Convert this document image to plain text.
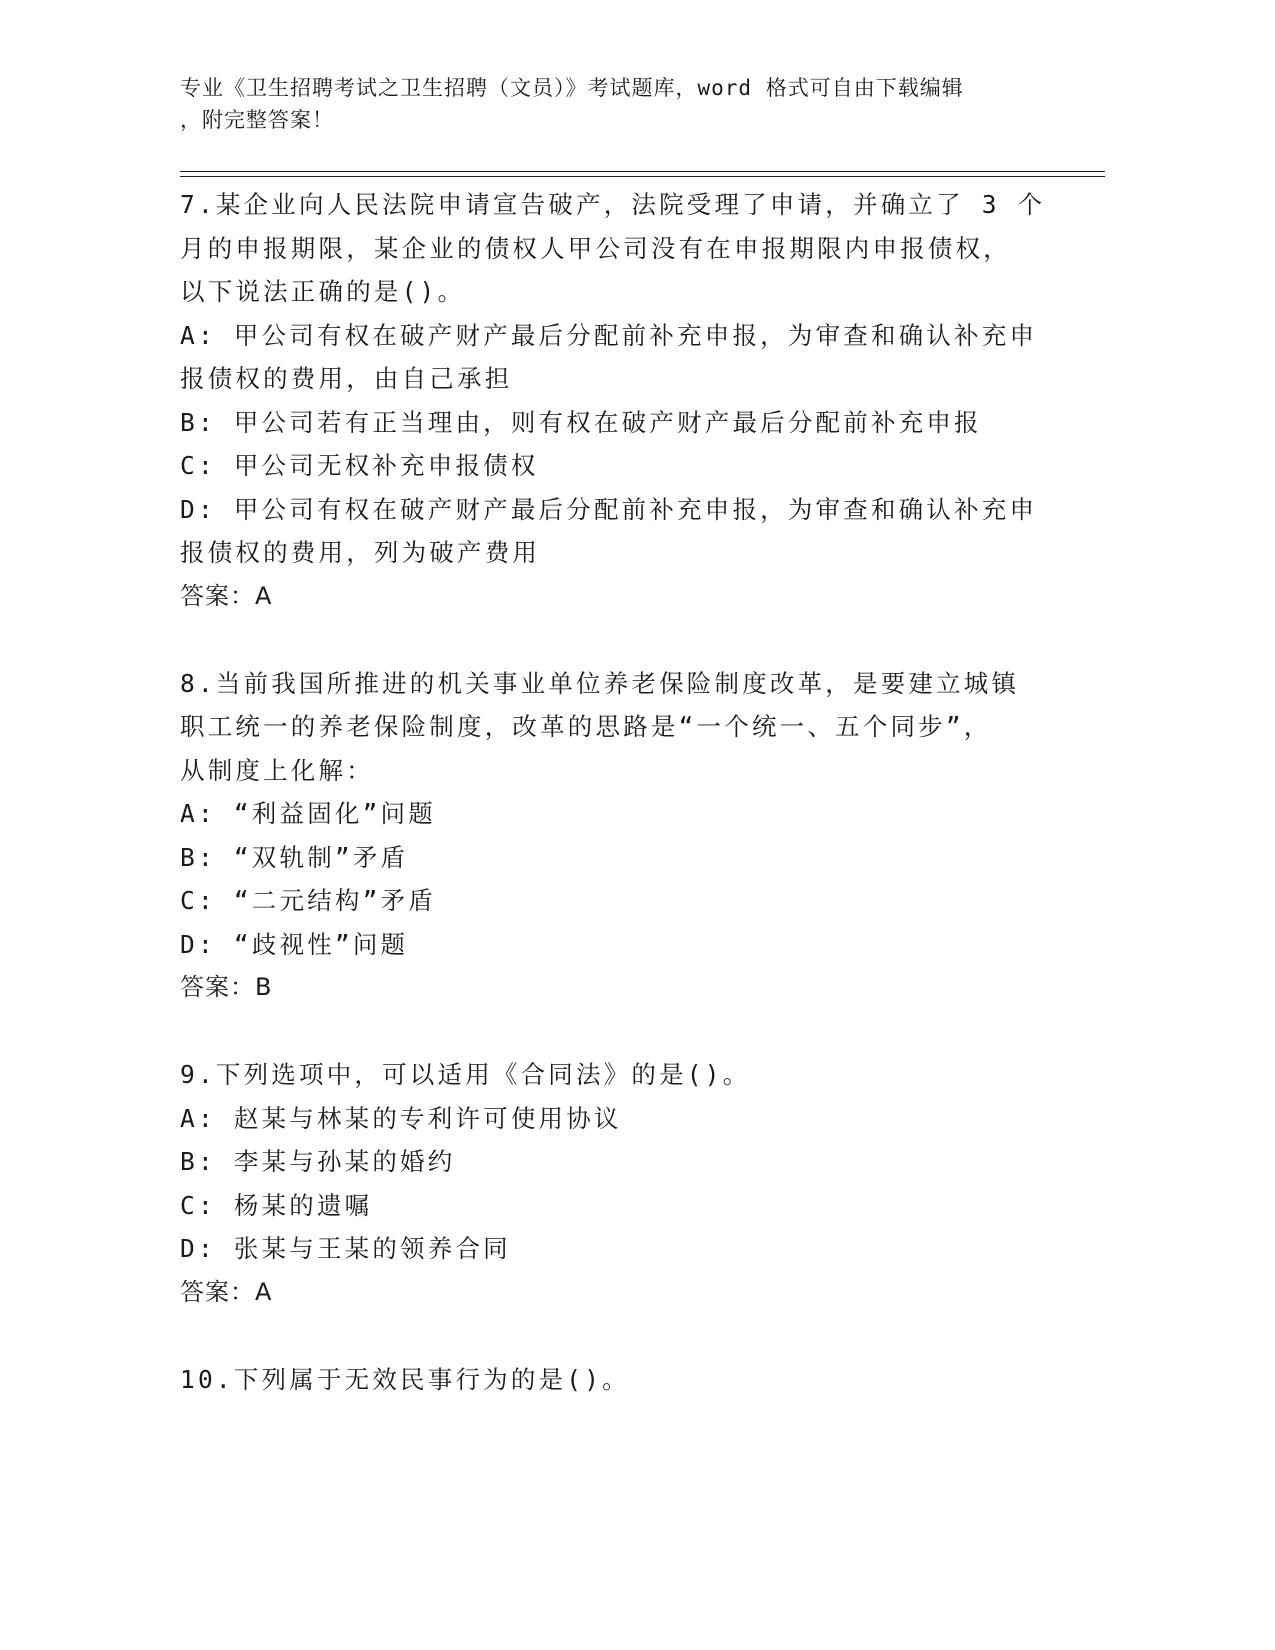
专业《卫生招聘考试之卫生招聘（文员）》考试题库，word 格式可自由下载编辑
，附完整答案！
7.某企业向人民法院申请宣告破产，法院受理了申请，并确立了 3 个
月的申报期限，某企业的债权人甲公司没有在申报期限内申报债权，
以下说法正确的是()。
A: 甲公司有权在破产财产最后分配前补充申报，为审查和确认补充申
报债权的费用，由自己承担
B: 甲公司若有正当理由，则有权在破产财产最后分配前补充申报
C: 甲公司无权补充申报债权
D: 甲公司有权在破产财产最后分配前补充申报，为审查和确认补充申
报债权的费用，列为破产费用
答案：A
8.当前我国所推进的机关事业单位养老保险制度改革，是要建立城镇
职工统一的养老保险制度，改革的思路是“一个统一、五个同步”，
从制度上化解：
A: “利益固化”问题
B: “双轨制”矛盾
C: “二元结构”矛盾
D: “歧视性”问题
答案：B
9.下列选项中，可以适用《合同法》的是()。
A: 赵某与林某的专利许可使用协议
B: 李某与孙某的婚约
C: 杨某的遗嘱
D: 张某与王某的领养合同
答案：A
10.下列属于无效民事行为的是()。
